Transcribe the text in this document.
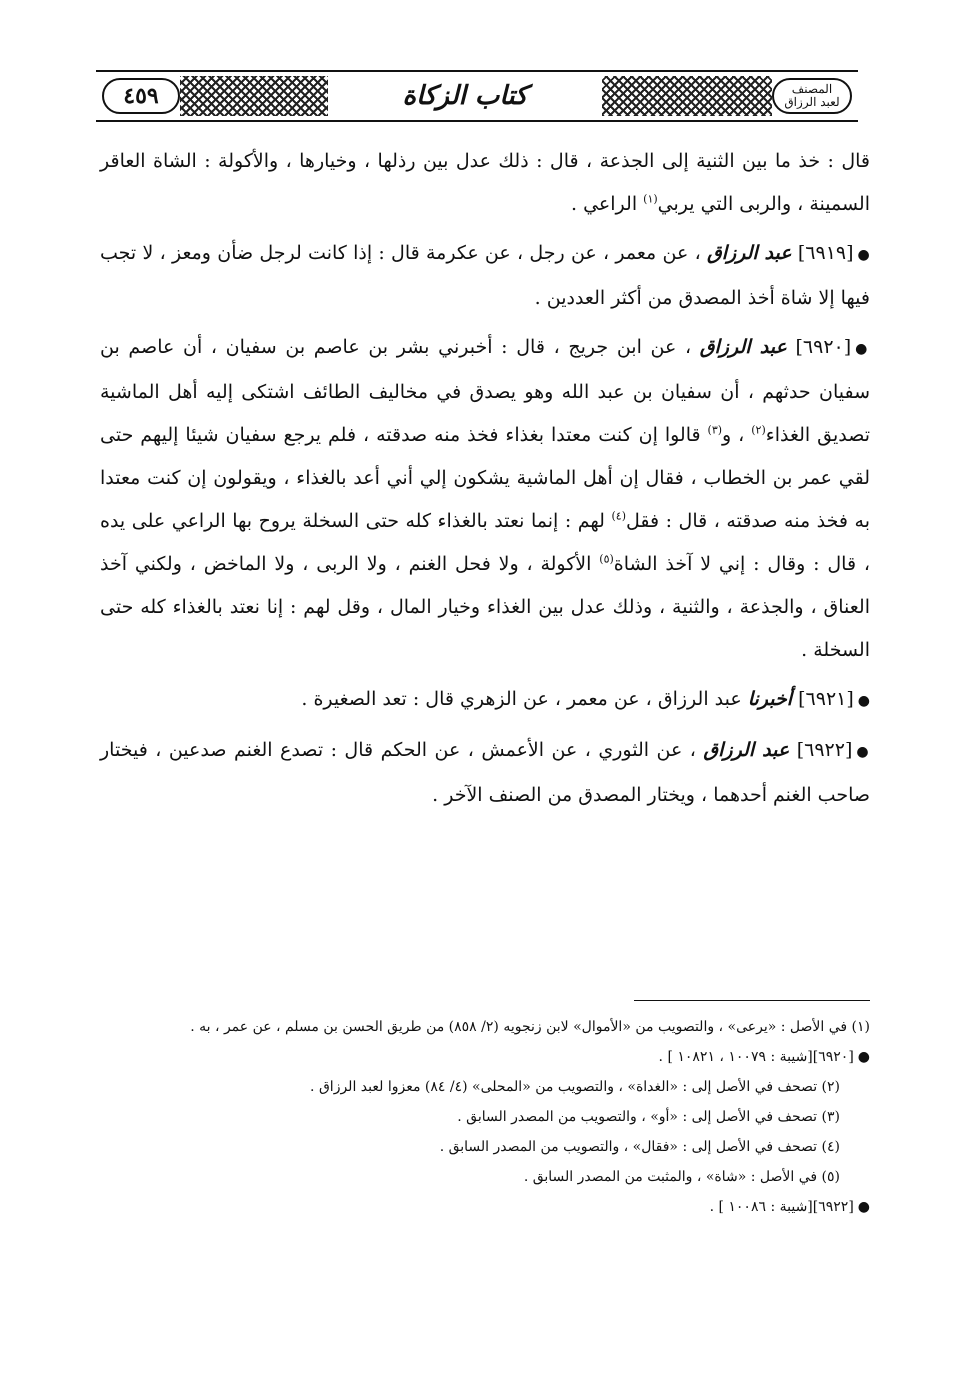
٤٥٩	كتاب الزكاة	المصنف
لعبد الرزاق

قال : خذ ما بين الثنية إلى الجذعة ، قال : ذلك عدل بين رذلها ، وخيارها ، والأكولة : الشاة العاقر السمينة ، والربى التي يربي$^{(١)}$ الراعي .

●[٦٩١٩] عبد الرزاق ، عن معمر ، عن رجل ، عن عكرمة قال : إذا كانت لرجل ضأن ومعز ، لا تجب فيها إلا شاة أخذ المصدق من أكثر العددين .

●[٦٩٢٠] عبد الرزاق ، عن ابن جريج ، قال : أخبرني بشر بن عاصم بن سفيان ، أن عاصم بن سفيان حدثهم ، أن سفيان بن عبد الله وهو يصدق في مخاليف الطائف اشتكى إليه أهل الماشية تصديق الغذاء$^{(٢)}$ ، و$^{(٣)}$ قالوا إن كنت معتدا بغذاء فخذ منه صدقته ، فلم يرجع سفيان شيئا إليهم حتى لقي عمر بن الخطاب ، فقال إن أهل الماشية يشكون إلي أني أعد بالغذاء ، ويقولون إن كنت معتدا به فخذ منه صدقته ، قال : فقل$^{(٤)}$ لهم : إنما نعتد بالغذاء كله حتى السخلة يروح بها الراعي على يده ، قال : وقال : إني لا آخذ الشاة$^{(٥)}$ الأكولة ، ولا فحل الغنم ، ولا الربى ، ولا الماخض ، ولكني آخذ العناق ، والجذعة ، والثنية ، وذلك عدل بين الغذاء وخيار المال ، وقل لهم : إنا نعتد بالغذاء كله حتى السخلة .

●[٦٩٢١] أخبرنا عبد الرزاق ، عن معمر ، عن الزهري قال : تعد الصغيرة .

●[٦٩٢٢] عبد الرزاق ، عن الثوري ، عن الأعمش ، عن الحكم قال : تصدع الغنم صدعين ، فيختار صاحب الغنم أحدهما ، ويختار المصدق من الصنف الآخر .

(١) في الأصل : «يرعى» ، والتصويب من «الأموال» لابن زنجويه (٢/ ٨٥٨) من طريق الحسن بن مسلم ، عن عمر ، به .

●[٦٩٢٠][شيبة : ١٠٠٧٩ ، ١٠٨٢١ ] .

(٢) تصحف في الأصل إلى : «الغداة» ، والتصويب من «المحلى» (٤/ ٨٤) معزوا لعبد الرزاق .

(٣) تصحف في الأصل إلى : «أو» ، والتصويب من المصدر السابق .

(٤) تصحف في الأصل إلى : «فقال» ، والتصويب من المصدر السابق .

(٥) في الأصل : «شاة» ، والمثبت من المصدر السابق .

●[٦٩٢٢][شيبة : ١٠٠٨٦ ] .
